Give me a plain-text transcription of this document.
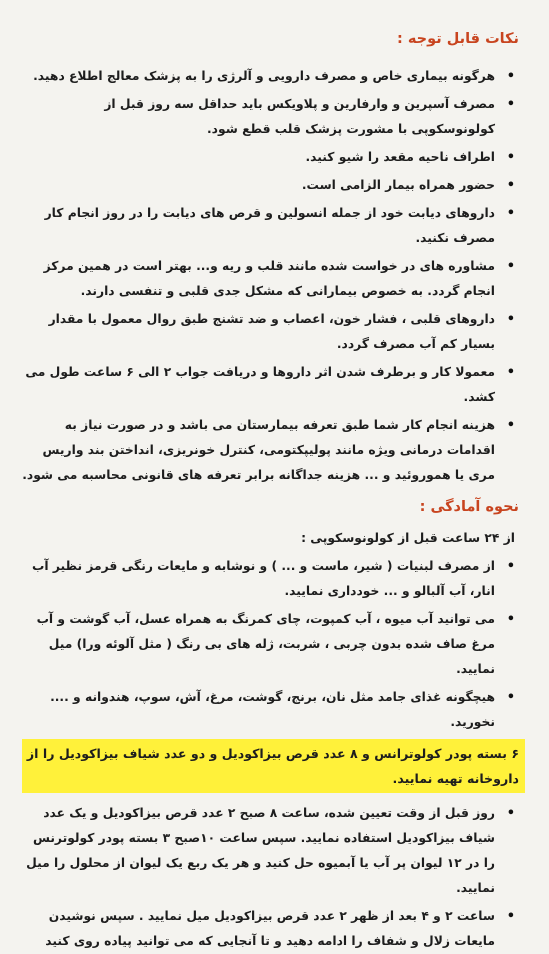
نکات قابل توجه :
• هرگونه بیماری خاص و مصرف دارویی و آلرژی را به پزشک معالج اطلاع دهید.
• مصرف آسپرین و وارفارین و پلاویکس باید حداقل سه روز قبل از کولونوسکوپی با مشورت پزشک قلب قطع شود.
• اطراف ناحیه مقعد را شیو کنید.
• حضور همراه بیمار الزامی است.
• داروهای دیابت خود از جمله انسولین و قرص های دیابت را در روز انجام کار مصرف نکنید.
• مشاوره های در خواست شده مانند قلب و ریه و... بهتر است در همین مرکز انجام گردد. به خصوص بیمارانی که مشکل جدی قلبی و تنفسی دارند.
• داروهای قلبی ، فشار خون، اعصاب و ضد تشنج طبق روال معمول با مقدار بسیار کم آب مصرف گردد.
• معمولا کار و برطرف شدن اثر داروها و دریافت جواب ۲ الی ۶ ساعت طول می کشد.
• هزینه انجام کار شما طبق تعرفه بیمارستان می باشد و در صورت نیاز به اقدامات درمانی ویژه مانند پولیپکتومی، کنترل خونریزی، انداختن بند واریس مری یا هموروئید و ... هزینه جداگانه برابر تعرفه های قانونی محاسبه می شود.
نحوه آمادگی :
از ۲۴ ساعت قبل از کولونوسکوپی :
• از مصرف لبنیات ( شیر، ماست و ... ) و نوشابه و مایعات رنگی قرمز نظیر آب انار، آب آلبالو و ... خودداری نمایید.
• می توانید آب میوه ، آب کمپوت، چای کمرنگ به همراه عسل، آب گوشت و آب مرغ صاف شده بدون چربی ، شربت، ژله های بی رنگ ( مثل آلوئه ورا) میل نمایید.
• هیچگونه غذای جامد مثل نان، برنج، گوشت، مرغ، آش، سوپ، هندوانه و .... نخورید.
۶ بسته پودر کولوترانس و ۸ عدد قرص بیزاکودیل و دو عدد شیاف بیزاکودیل را از داروخانه تهیه نمایید.
• روز قبل از وقت تعیین شده، ساعت ۸ صبح ۲ عدد قرص بیزاکودیل و یک عدد شیاف بیزاکودیل استفاده نمایید. سپس ساعت ۱۰صبح ۳ بسته پودر کولوترنس را در ۱۲ لیوان پر آب یا آبمیوه حل کنید و هر یک ربع یک لیوان از محلول را میل نمایید.
• ساعت ۲ و ۴ بعد از ظهر ۲ عدد قرص بیزاکودیل میل نمایید . سپس نوشیدن مایعات زلال و شفاف را ادامه دهید و تا آنجایی که می توانید پیاده روی کنید
